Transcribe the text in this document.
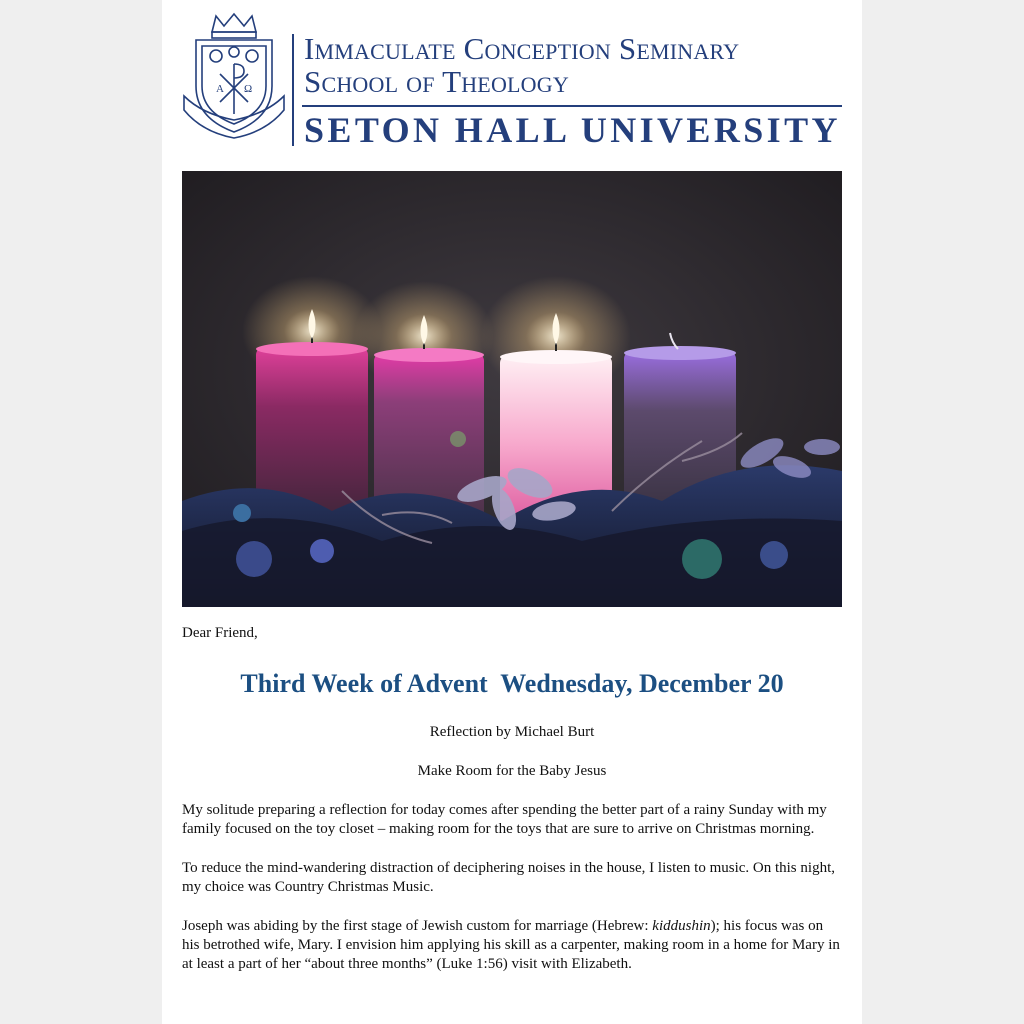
A Ω
Immaculate Conception Seminary
School of Theology
SETON HALL UNIVERSITY

Dear Friend,

Third Week of Advent  Wednesday, December 20

Reflection by Michael Burt

Make Room for the Baby Jesus

My solitude preparing a reflection for today comes after spending the better part of a rainy Sunday with my family focused on the toy closet – making room for the toys that are sure to arrive on Christmas morning.

To reduce the mind-wandering distraction of deciphering noises in the house, I listen to music. On this night, my choice was Country Christmas Music.

Joseph was abiding by the first stage of Jewish custom for marriage (Hebrew: kiddushin); his focus was on his betrothed wife, Mary. I envision him applying his skill as a carpenter, making room in a home for Mary in at least a part of her “about three months” (Luke 1:56) visit with Elizabeth.
